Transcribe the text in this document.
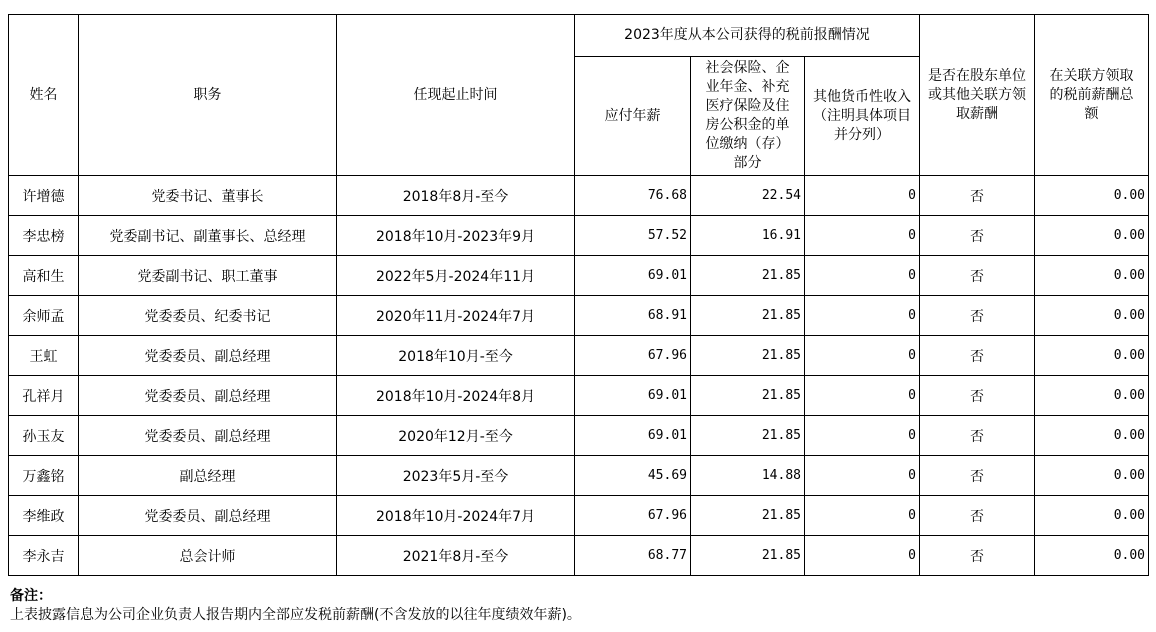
姓名	职务	任现起止时间	2023年度从本公司获得的税前报酬情况			是否在股东单位或其他关联方领取薪酬	在关联方领取的税前薪酬总额
			应付年薪	社会保险、企业年金、补充医疗保险及住房公积金的单位缴纳（存）部分	其他货币性收入（注明具体项目并分列）		
许增德	党委书记、董事长	2018年8月-至今	76.68	22.54	0	否	0.00
李忠榜	党委副书记、副董事长、总经理	2018年10月-2023年9月	57.52	16.91	0	否	0.00
高和生	党委副书记、职工董事	2022年5月-2024年11月	69.01	21.85	0	否	0.00
余师孟	党委委员、纪委书记	2020年11月-2024年7月	68.91	21.85	0	否	0.00
王虹	党委委员、副总经理	2018年10月-至今	67.96	21.85	0	否	0.00
孔祥月	党委委员、副总经理	2018年10月-2024年8月	69.01	21.85	0	否	0.00
孙玉友	党委委员、副总经理	2020年12月-至今	69.01	21.85	0	否	0.00
万鑫铭	副总经理	2023年5月-至今	45.69	14.88	0	否	0.00
李维政	党委委员、副总经理	2018年10月-2024年7月	67.96	21.85	0	否	0.00
李永吉	总会计师	2021年8月-至今	68.77	21.85	0	否	0.00
备注：
上表披露信息为公司企业负责人报告期内全部应发税前薪酬(不含发放的以往年度绩效年薪)。
